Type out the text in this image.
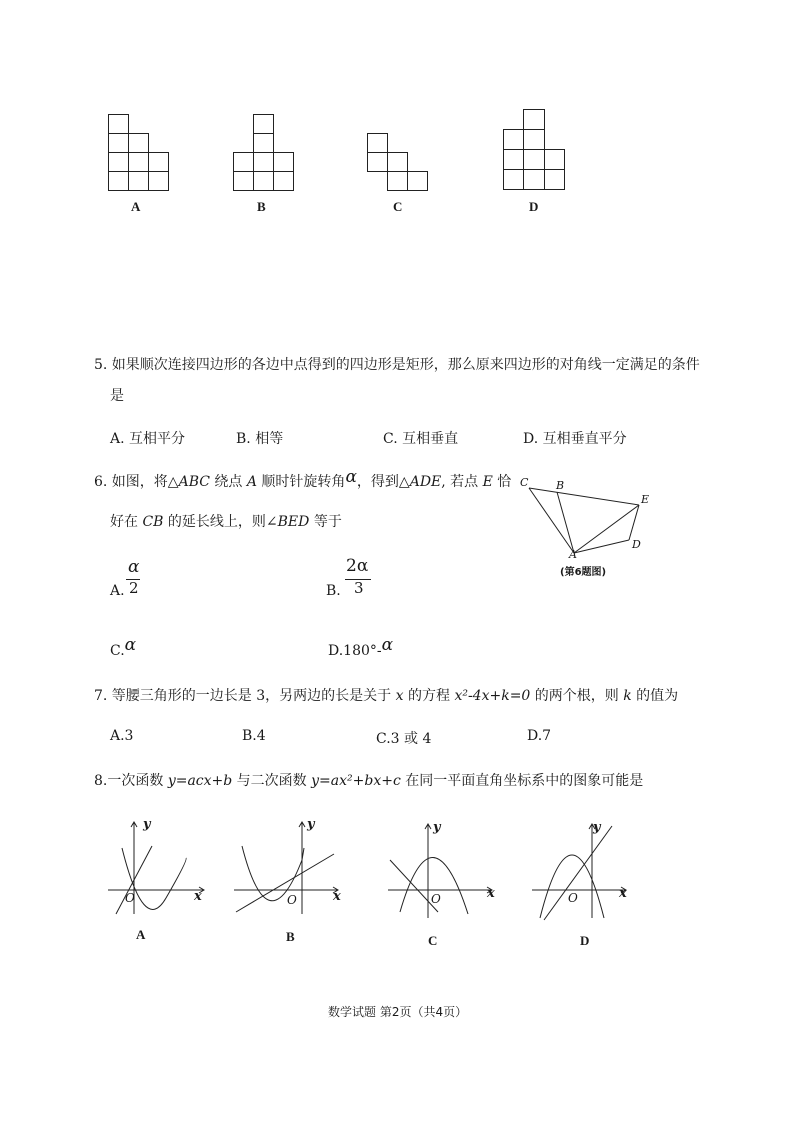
A	B	C	D
5. 如果顺次连接四边形的各边中点得到的四边形是矩形，那么原来四边形的对角线一定满足的条件
是
A. 互相平分	B. 相等	C. 互相垂直	D. 互相垂直平分
6. 如图，将△ABC 绕点 A 顺时针旋转角α，得到△ADE, 若点 E 恰
好在 CB 的延长线上，则∠BED 等于
A.
α
2	B.
2α
3
C.α	D.180°-α
C	B
E
A
D
(第6题图)
7. 等腰三角形的一边长是 3，另两边的长是关于 x 的方程 x²-4x+k=0 的两个根，则 k 的值为
A.3	B.4	C.3 或 4	D.7
8.一次函数 y=acx+b 与二次函数 y=ax²+bx+c 在同一平面直角坐标系中的图象可能是
y
x
O
A
y
x
O
B
y
x
O
C
y
x
O
D
数学试题 第2页（共4页）
